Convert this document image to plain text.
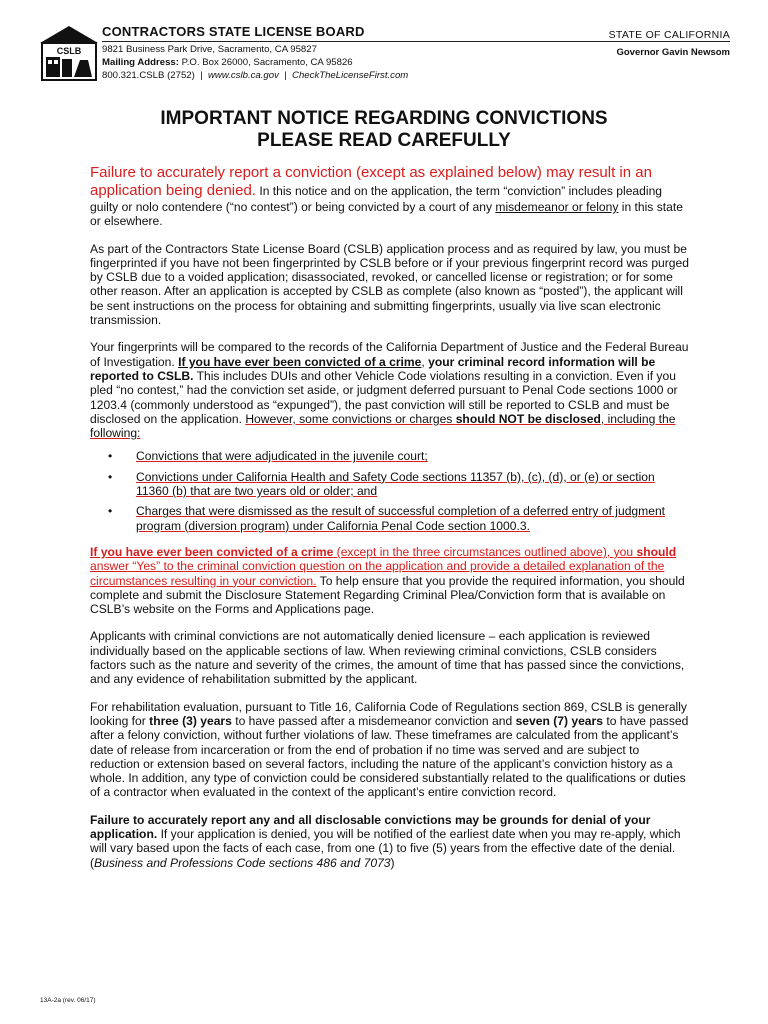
CSLB
CONTRACTORS STATE LICENSE BOARD
9821 Business Park Drive, Sacramento, CA 95827
Mailing Address: P.O. Box 26000, Sacramento, CA 95826
800.321.CSLB (2752)  |  www.cslb.ca.gov  |  CheckTheLicenseFirst.com
STATE OF CALIFORNIA
Governor Gavin Newsom
IMPORTANT NOTICE REGARDING CONVICTIONS
PLEASE READ CAREFULLY

Failure to accurately report a conviction (except as explained below) may result in an application being denied. In this notice and on the application, the term “conviction” includes pleading guilty or nolo contendere (“no contest”) or being convicted by a court of any misdemeanor or felony in this state or elsewhere.

As part of the Contractors State License Board (CSLB) application process and as required by law, you must be fingerprinted if you have not been fingerprinted by CSLB before or if your previous fingerprint record was purged by CSLB due to a voided application; disassociated, revoked, or cancelled license or registration; or for some other reason. After an application is accepted by CSLB as complete (also known as “posted”), the applicant will be sent instructions on the process for obtaining and submitting fingerprints, usually via live scan electronic transmission.

Your fingerprints will be compared to the records of the California Department of Justice and the Federal Bureau of Investigation. If you have ever been convicted of a crime, your criminal record information will be reported to CSLB. This includes DUIs and other Vehicle Code violations resulting in a conviction. Even if you pled “no contest,” had the conviction set aside, or judgment deferred pursuant to Penal Code sections 1000 or 1203.4 (commonly understood as “expunged”), the past conviction will still be reported to CSLB and must be disclosed on the application. However, some convictions or charges should NOT be disclosed, including the following:

• Convictions that were adjudicated in the juvenile court;
• Convictions under California Health and Safety Code sections 11357 (b), (c), (d), or (e) or section 11360 (b) that are two years old or older; and
• Charges that were dismissed as the result of successful completion of a deferred entry of judgment program (diversion program) under California Penal Code section 1000.3.

If you have ever been convicted of a crime (except in the three circumstances outlined above), you should answer “Yes” to the criminal conviction question on the application and provide a detailed explanation of the circumstances resulting in your conviction. To help ensure that you provide the required information, you should complete and submit the Disclosure Statement Regarding Criminal Plea/Conviction form that is available on CSLB’s website on the Forms and Applications page.

Applicants with criminal convictions are not automatically denied licensure – each application is reviewed individually based on the applicable sections of law. When reviewing criminal convictions, CSLB considers factors such as the nature and severity of the crimes, the amount of time that has passed since the convictions, and any evidence of rehabilitation submitted by the applicant.

For rehabilitation evaluation, pursuant to Title 16, California Code of Regulations section 869, CSLB is generally looking for three (3) years to have passed after a misdemeanor conviction and seven (7) years to have passed after a felony conviction, without further violations of law. These timeframes are calculated from the applicant’s date of release from incarceration or from the end of probation if no time was served and are subject to reduction or extension based on several factors, including the nature of the applicant’s conviction history as a whole. In addition, any type of conviction could be considered substantially related to the qualifications or duties of a contractor when evaluated in the context of the applicant’s entire conviction record.

Failure to accurately report any and all disclosable convictions may be grounds for denial of your application. If your application is denied, you will be notified of the earliest date when you may re-apply, which will vary based upon the facts of each case, from one (1) to five (5) years from the effective date of the denial. (Business and Professions Code sections 486 and 7073)

13A-2a (rev. 06/17)
